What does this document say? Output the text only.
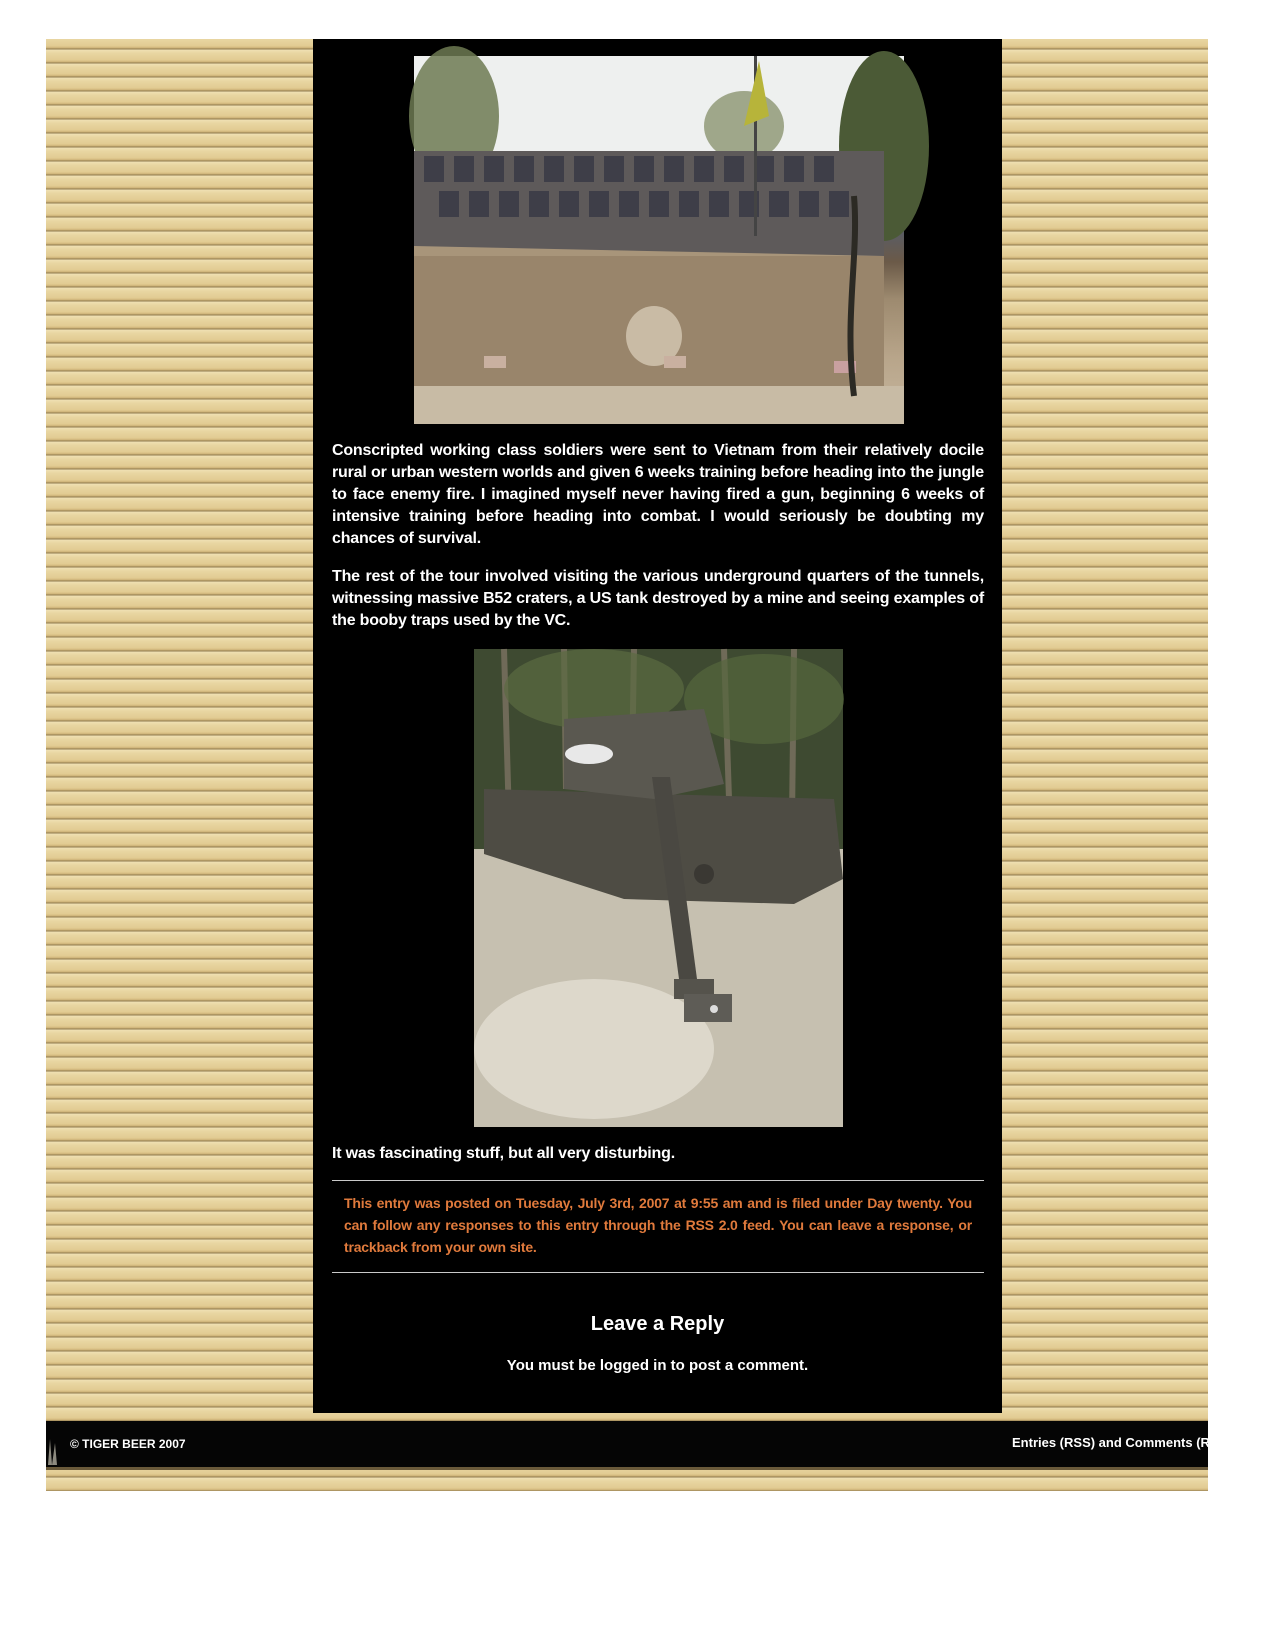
Conscripted working class soldiers were sent to Vietnam from their relatively docile rural or urban western worlds and given 6 weeks training before heading into the jungle to face enemy fire. I imagined myself never having fired a gun, beginning 6 weeks of intensive training before heading into combat. I would seriously be doubting my chances of survival.
The rest of the tour involved visiting the various underground quarters of the tunnels, witnessing massive B52 craters, a US tank destroyed by a mine and seeing examples of the booby traps used by the VC.
It was fascinating stuff, but all very disturbing.
This entry was posted on Tuesday, July 3rd, 2007 at 9:55 am and is filed under Day twenty. You can follow any responses to this entry through the RSS 2.0 feed. You can leave a response, or trackback from your own site.
Leave a Reply
You must be logged in to post a comment.
© TIGER BEER 2007	Entries (RSS) and Comments (RSS)
